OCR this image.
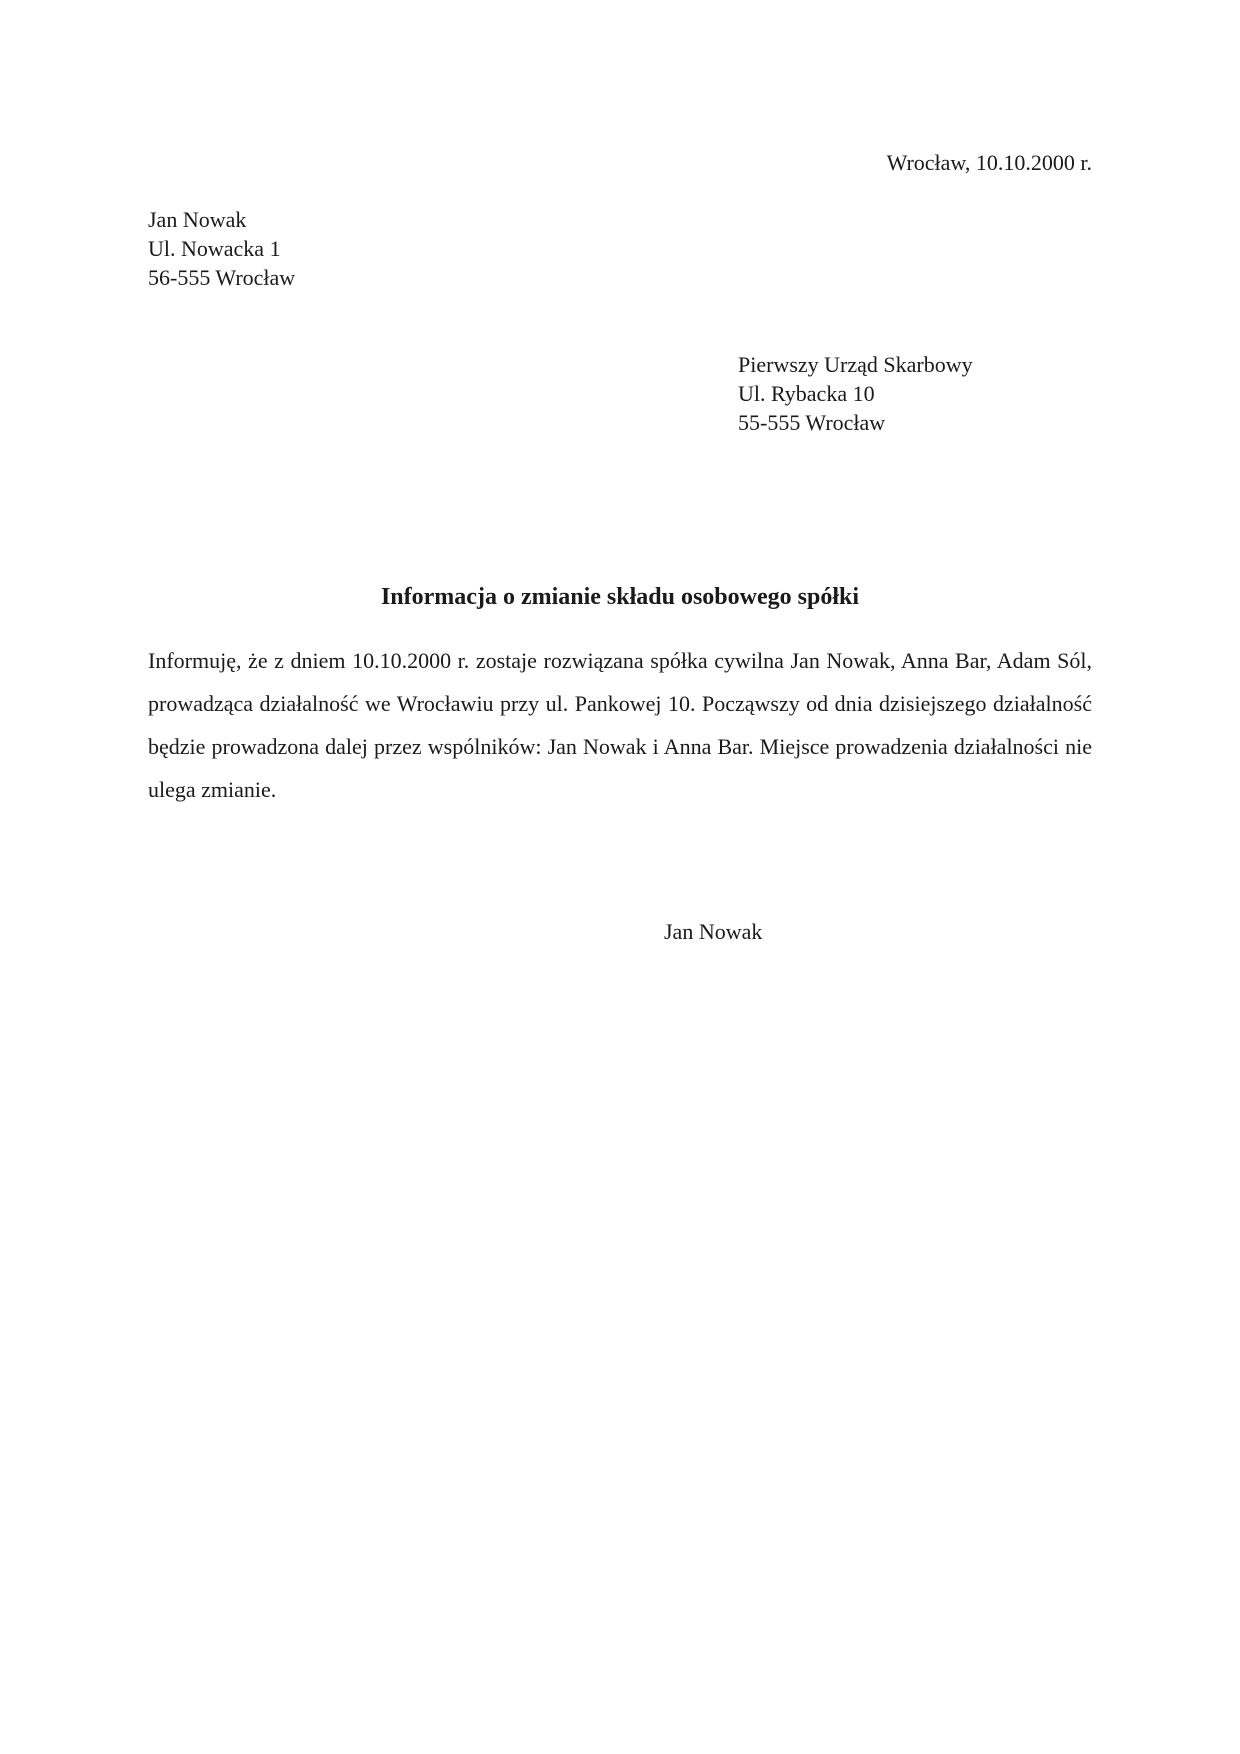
Wrocław, 10.10.2000 r.
Jan Nowak
Ul. Nowacka 1
56-555 Wrocław
Pierwszy Urząd Skarbowy
Ul. Rybacka 10
55-555 Wrocław
Informacja o zmianie składu osobowego spółki
Informuję, że z dniem 10.10.2000 r. zostaje rozwiązana spółka cywilna Jan Nowak, Anna Bar, Adam Sól, prowadząca działalność we Wrocławiu przy ul. Pankowej 10. Począwszy od dnia dzisiejszego działalność będzie prowadzona dalej przez wspólników: Jan Nowak i Anna Bar. Miejsce prowadzenia działalności nie ulega zmianie.
Jan Nowak
